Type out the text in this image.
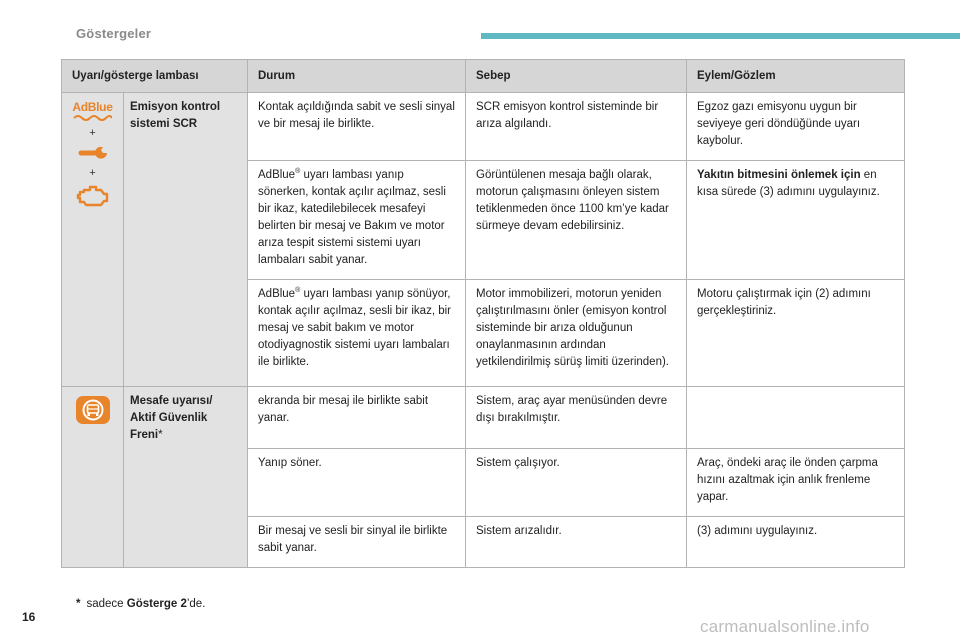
Göstergeler
Uyarı/gösterge lambası		Durum	Sebep	Eylem/Gözlem

AdBlue
+
+	Emisyon kontrol sistemi SCR	Kontak açıldığında sabit ve sesli sinyal ve bir mesaj ile birlikte.	SCR emisyon kontrol sisteminde bir arıza algılandı.	Egzoz gazı emisyonu uygun bir seviyeye geri döndüğünde uyarı kaybolur.
		AdBlue® uyarı lambası yanıp sönerken, kontak açılır açılmaz, sesli bir ikaz, katedilebilecek mesafeyi belirten bir mesaj ve Bakım ve motor arıza tespit sistemi sistemi uyarı lambaları sabit yanar.	Görüntülenen mesaja bağlı olarak, motorun çalışmasını önleyen sistem tetiklenmeden önce 1100 km’ye kadar sürmeye devam edebilirsiniz.	Yakıtın bitmesini önlemek için en kısa sürede (3) adımını uygulayınız.
		AdBlue® uyarı lambası yanıp sönüyor, kontak açılır açılmaz, sesli bir ikaz, bir mesaj ve sabit bakım ve motor otodiyagnostik sistemi uyarı lambaları ile birlikte.	Motor immobilizeri, motorun yeniden çalıştırılmasını önler (emisyon kontrol sisteminde bir arıza olduğunun onaylanmasının ardından yetkilendirilmiş sürüş limiti üzerinden).	Motoru çalıştırmak için (2) adımını gerçekleştiriniz.

Mesafe uyarısı/
Aktif Güvenlik
Freni*	ekranda bir mesaj ile birlikte sabit yanar.	Sistem, araç ayar menüsünden devre dışı bırakılmıştır.	
		Yanıp söner.	Sistem çalışıyor.	Araç, öndeki araç ile önden çarpma hızını azaltmak için anlık frenleme yapar.
		Bir mesaj ve sesli bir sinyal ile birlikte sabit yanar.	Sistem arızalıdır.	(3) adımını uygulayınız.
* sadece Gösterge 2’de.
16	carmanualsonline.info
